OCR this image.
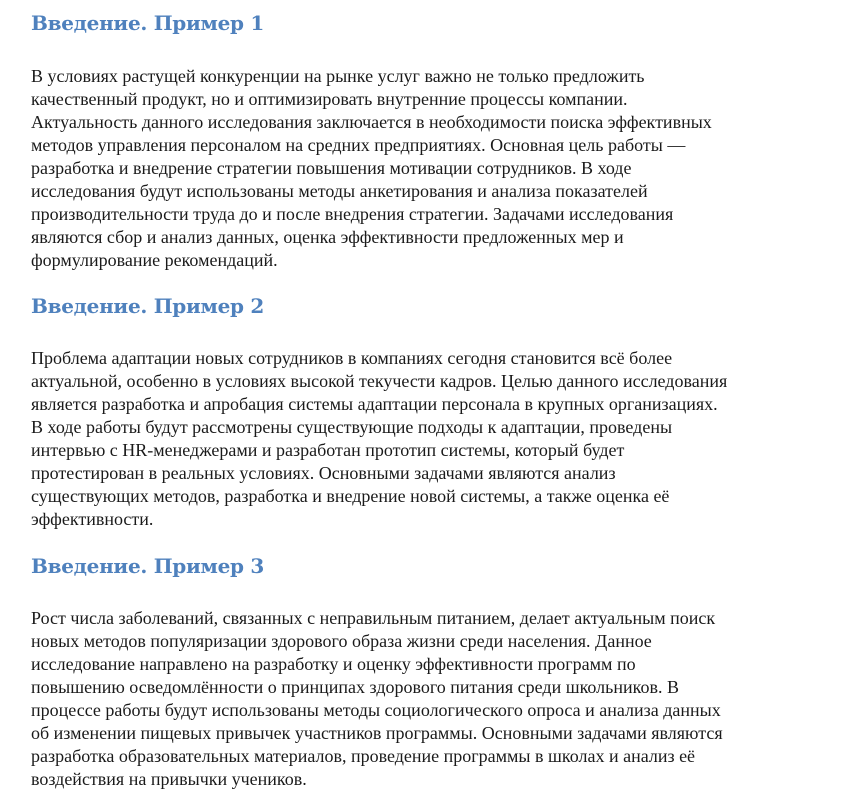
Введение. Пример 1

В условиях растущей конкуренции на рынке услуг важно не только предложить
качественный продукт, но и оптимизировать внутренние процессы компании.
Актуальность данного исследования заключается в необходимости поиска эффективных
методов управления персоналом на средних предприятиях. Основная цель работы —
разработка и внедрение стратегии повышения мотивации сотрудников. В ходе
исследования будут использованы методы анкетирования и анализа показателей
производительности труда до и после внедрения стратегии. Задачами исследования
являются сбор и анализ данных, оценка эффективности предложенных мер и
формулирование рекомендаций.

Введение. Пример 2

Проблема адаптации новых сотрудников в компаниях сегодня становится всё более
актуальной, особенно в условиях высокой текучести кадров. Целью данного исследования
является разработка и апробация системы адаптации персонала в крупных организациях.
В ходе работы будут рассмотрены существующие подходы к адаптации, проведены
интервью с HR-менеджерами и разработан прототип системы, который будет
протестирован в реальных условиях. Основными задачами являются анализ
существующих методов, разработка и внедрение новой системы, а также оценка её
эффективности.

Введение. Пример 3

Рост числа заболеваний, связанных с неправильным питанием, делает актуальным поиск
новых методов популяризации здорового образа жизни среди населения. Данное
исследование направлено на разработку и оценку эффективности программ по
повышению осведомлённости о принципах здорового питания среди школьников. В
процессе работы будут использованы методы социологического опроса и анализа данных
об изменении пищевых привычек участников программы. Основными задачами являются
разработка образовательных материалов, проведение программы в школах и анализ её
воздействия на привычки учеников.
